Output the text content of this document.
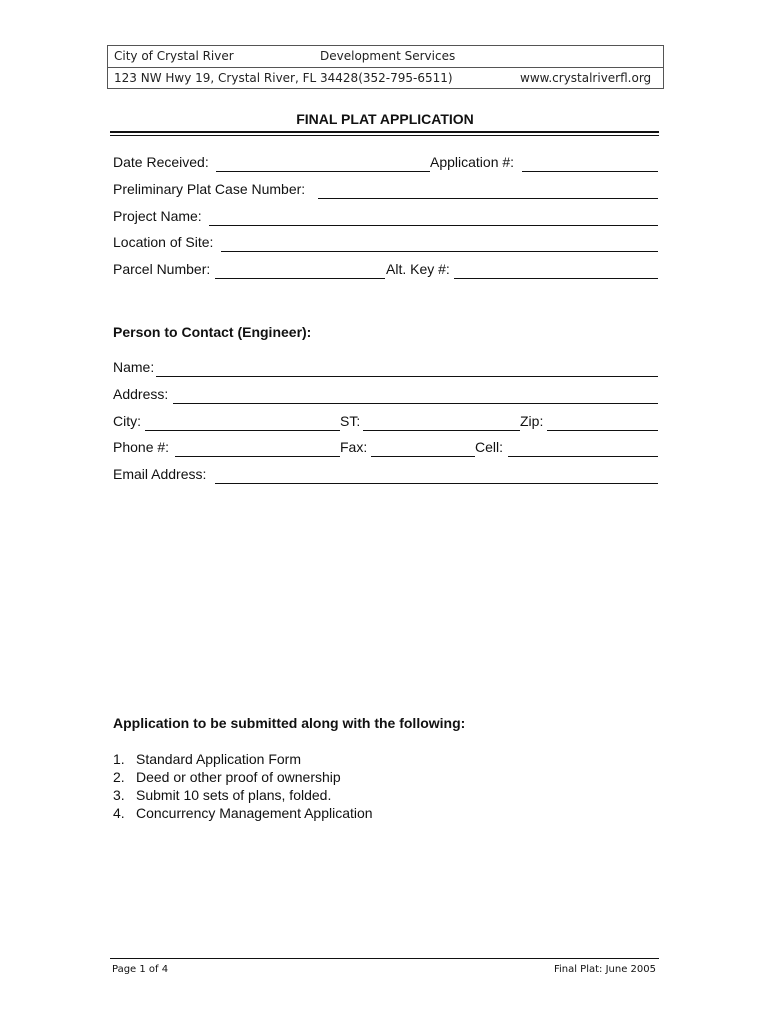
City of Crystal River	Development Services
123 NW Hwy 19, Crystal River, FL 34428(352-795-6511)	www.crystalriverfl.org
FINAL PLAT APPLICATION
Date Received:	Application #:
Preliminary Plat Case Number:
Project Name:
Location of Site:
Parcel Number:	Alt. Key #:
Person to Contact (Engineer):
Name:
Address:
City:	ST:	Zip:
Phone #:	Fax:	Cell:
Email Address:
Application to be submitted along with the following:
1. Standard Application Form
2. Deed or other proof of ownership
3. Submit 10 sets of plans, folded.
4. Concurrency Management Application
Page 1 of 4	Final Plat: June 2005
